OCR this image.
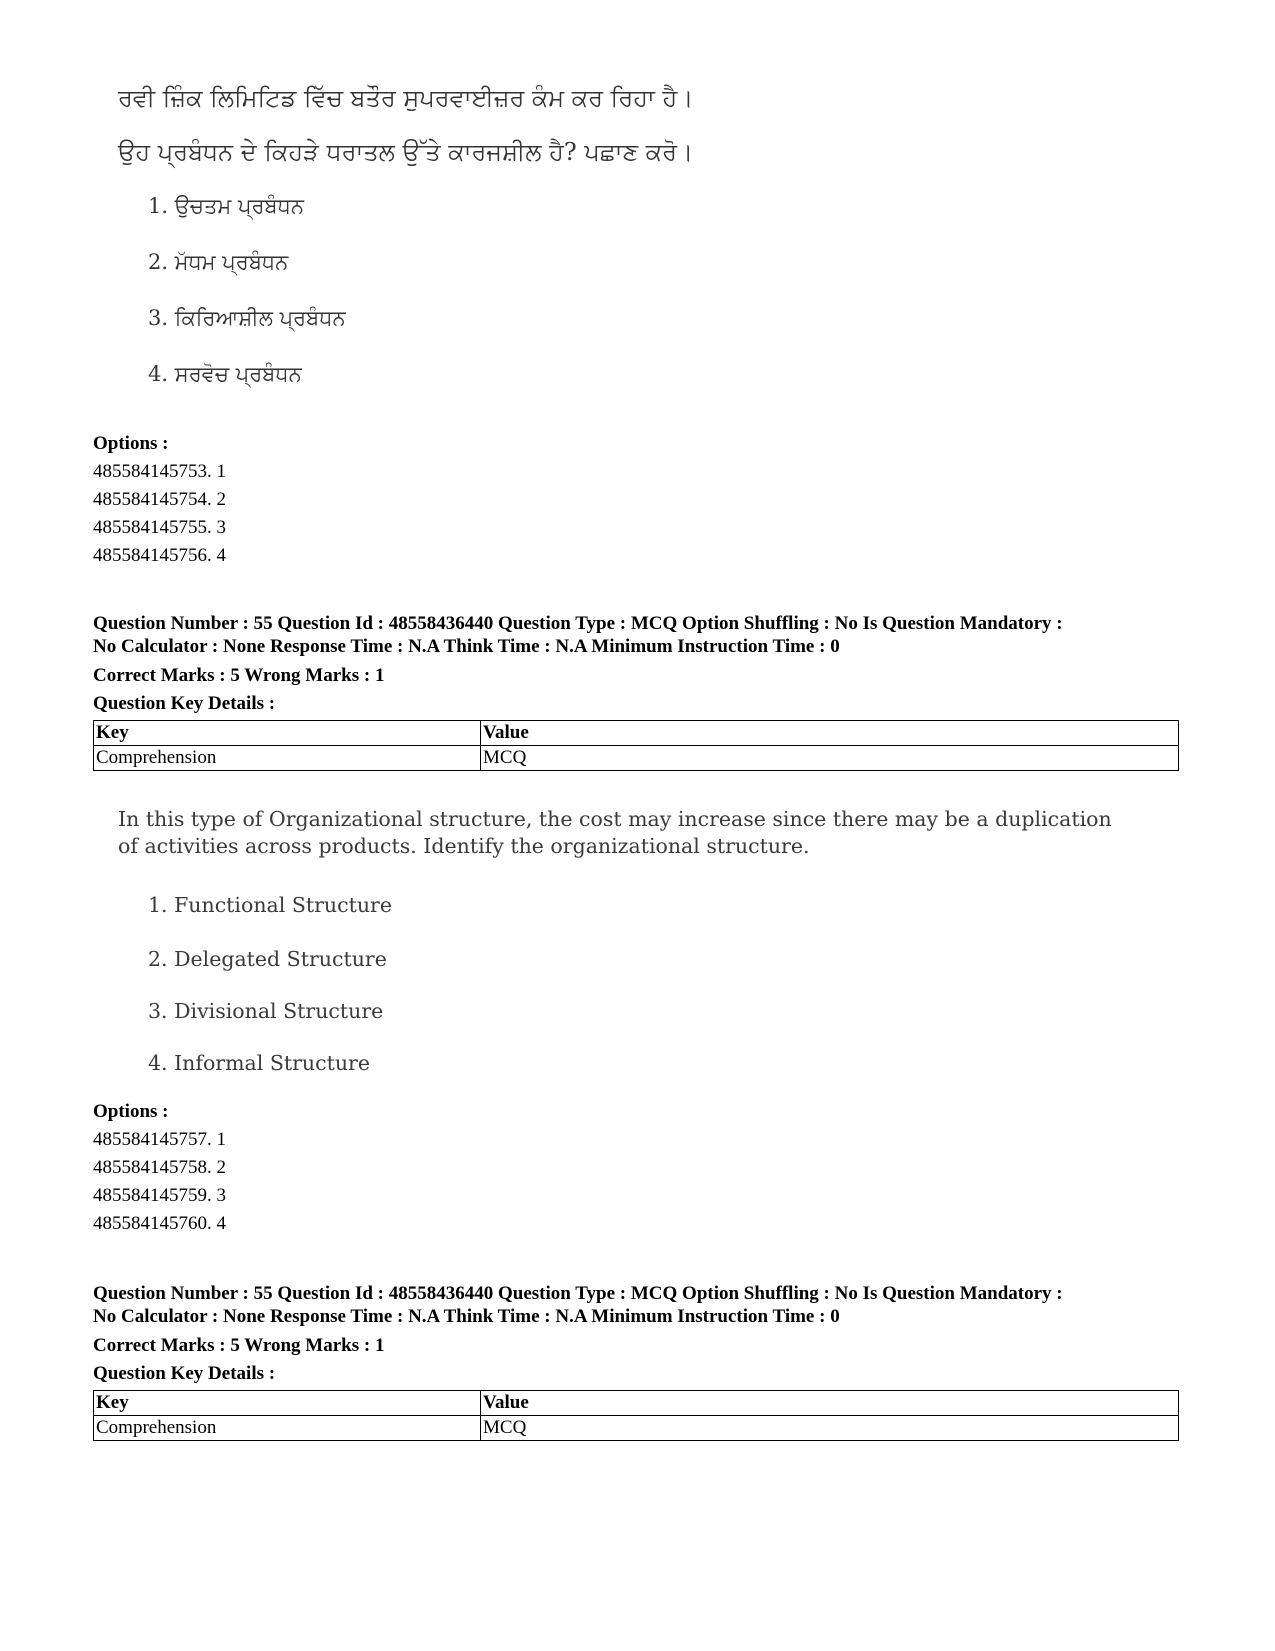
ਰਵੀ ਜ਼ਿੰਕ ਲਿਮਿਟਿਡ ਵਿੱਚ ਬਤੌਰ ਸੁਪਰਵਾਈਜ਼ਰ ਕੰਮ ਕਰ ਰਿਹਾ ਹੈ।
ਉਹ ਪ੍ਰਬੰਧਨ ਦੇ ਕਿਹੜੇ ਧਰਾਤਲ ਉੱਤੇ ਕਾਰਜਸ਼ੀਲ ਹੈ? ਪਛਾਣ ਕਰੋ।
1. ਉਚਤਮ ਪ੍ਰਬੰਧਨ
2. ਮੱਧਮ ਪ੍ਰਬੰਧਨ
3. ਕਿਰਿਆਸ਼ੀਲ ਪ੍ਰਬੰਧਨ
4. ਸਰਵੋਚ ਪ੍ਰਬੰਧਨ
Options :
485584145753. 1
485584145754. 2
485584145755. 3
485584145756. 4
Question Number : 55 Question Id : 48558436440 Question Type : MCQ Option Shuffling : No Is Question Mandatory :
No Calculator : None Response Time : N.A Think Time : N.A Minimum Instruction Time : 0
Correct Marks : 5 Wrong Marks : 1
Question Key Details :
Key	Value
Comprehension	MCQ
In this type of Organizational structure, the cost may increase since there may be a duplication of activities across products. Identify the organizational structure.
1. Functional Structure
2. Delegated Structure
3. Divisional Structure
4. Informal Structure
Options :
485584145757. 1
485584145758. 2
485584145759. 3
485584145760. 4
Question Number : 55 Question Id : 48558436440 Question Type : MCQ Option Shuffling : No Is Question Mandatory :
No Calculator : None Response Time : N.A Think Time : N.A Minimum Instruction Time : 0
Correct Marks : 5 Wrong Marks : 1
Question Key Details :
Key	Value
Comprehension	MCQ
